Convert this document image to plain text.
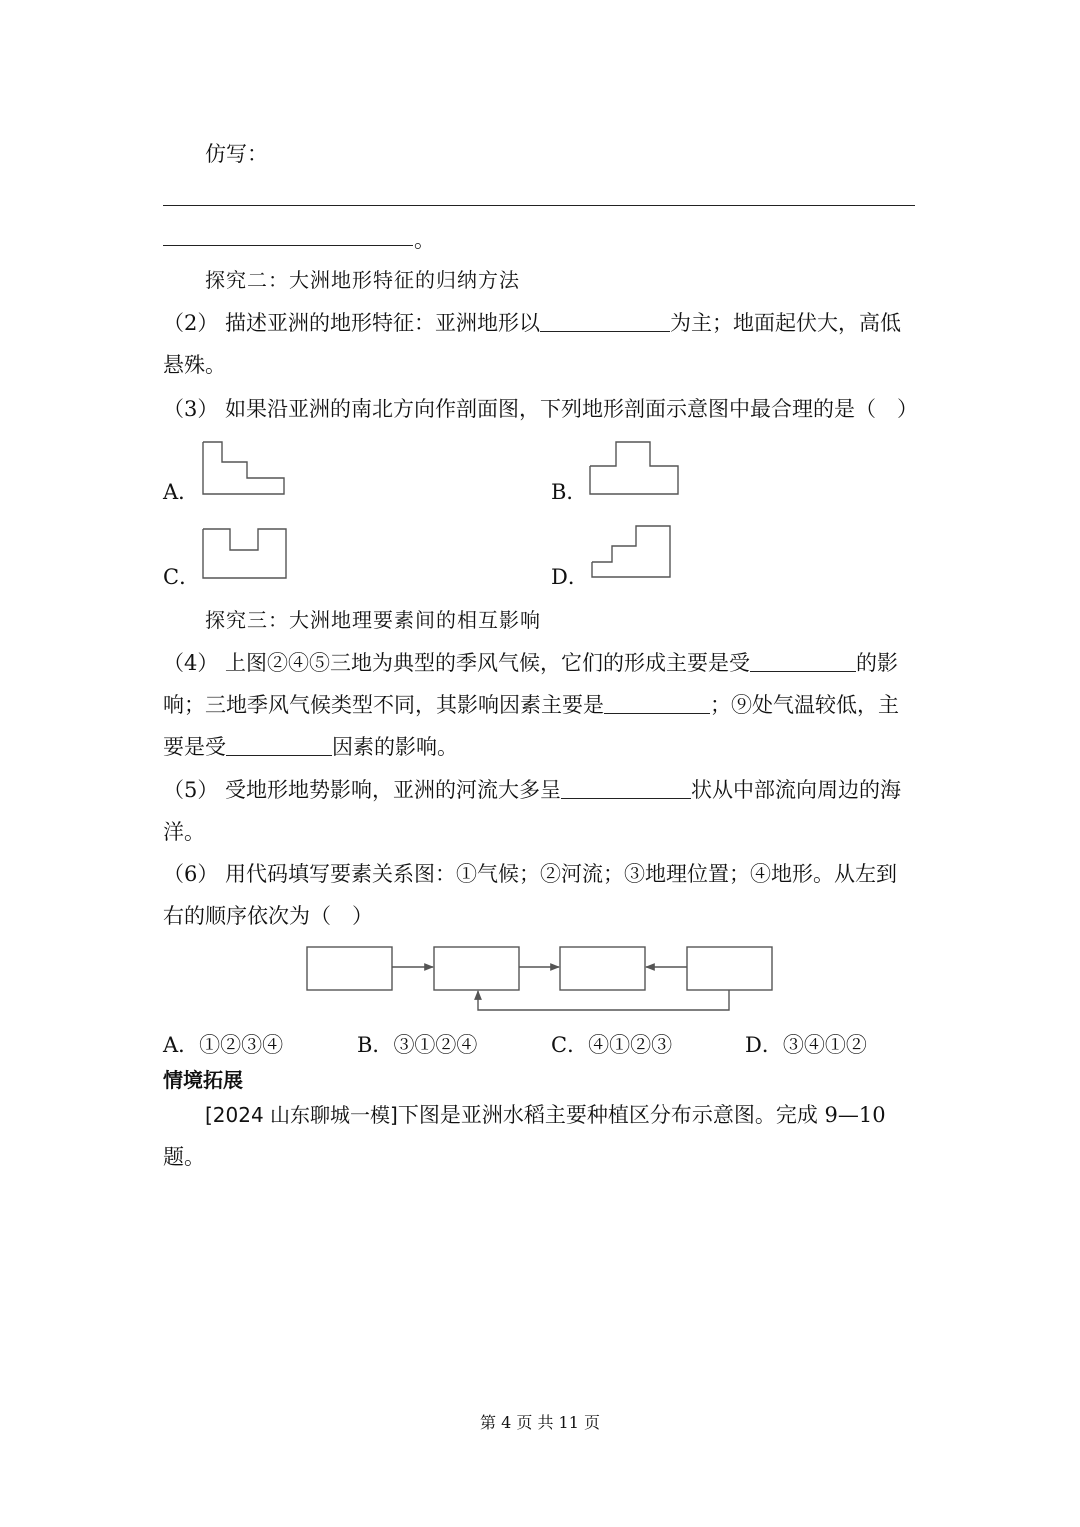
仿写：
。
探究二：大洲地形特征的归纳方法
（2） 描述亚洲的地形特征：亚洲地形以	为主；地面起伏大，高低
悬殊。
（3） 如果沿亚洲的南北方向作剖面图，下列地形剖面示意图中最合理的是（　）
A．	B．
C．	D．
探究三：大洲地理要素间的相互影响
（4） 上图②④⑤三地为典型的季风气候，它们的形成主要是受	的影
响；三地季风气候类型不同，其影响因素主要是	；⑨处气温较低，主
要是受	因素的影响。
（5） 受地形地势影响，亚洲的河流大多呈	状从中部流向周边的海
洋。
（6） 用代码填写要素关系图：①气候；②河流；③地理位置；④地形。从左到
右的顺序依次为（　）
A．①②③④	B．③①②④	C．④①②③	D．③④①②
情境拓展
[2024 山东聊城一模]下图是亚洲水稻主要种植区分布示意图。完成 9—10
题。
第 4 页 共 11 页
